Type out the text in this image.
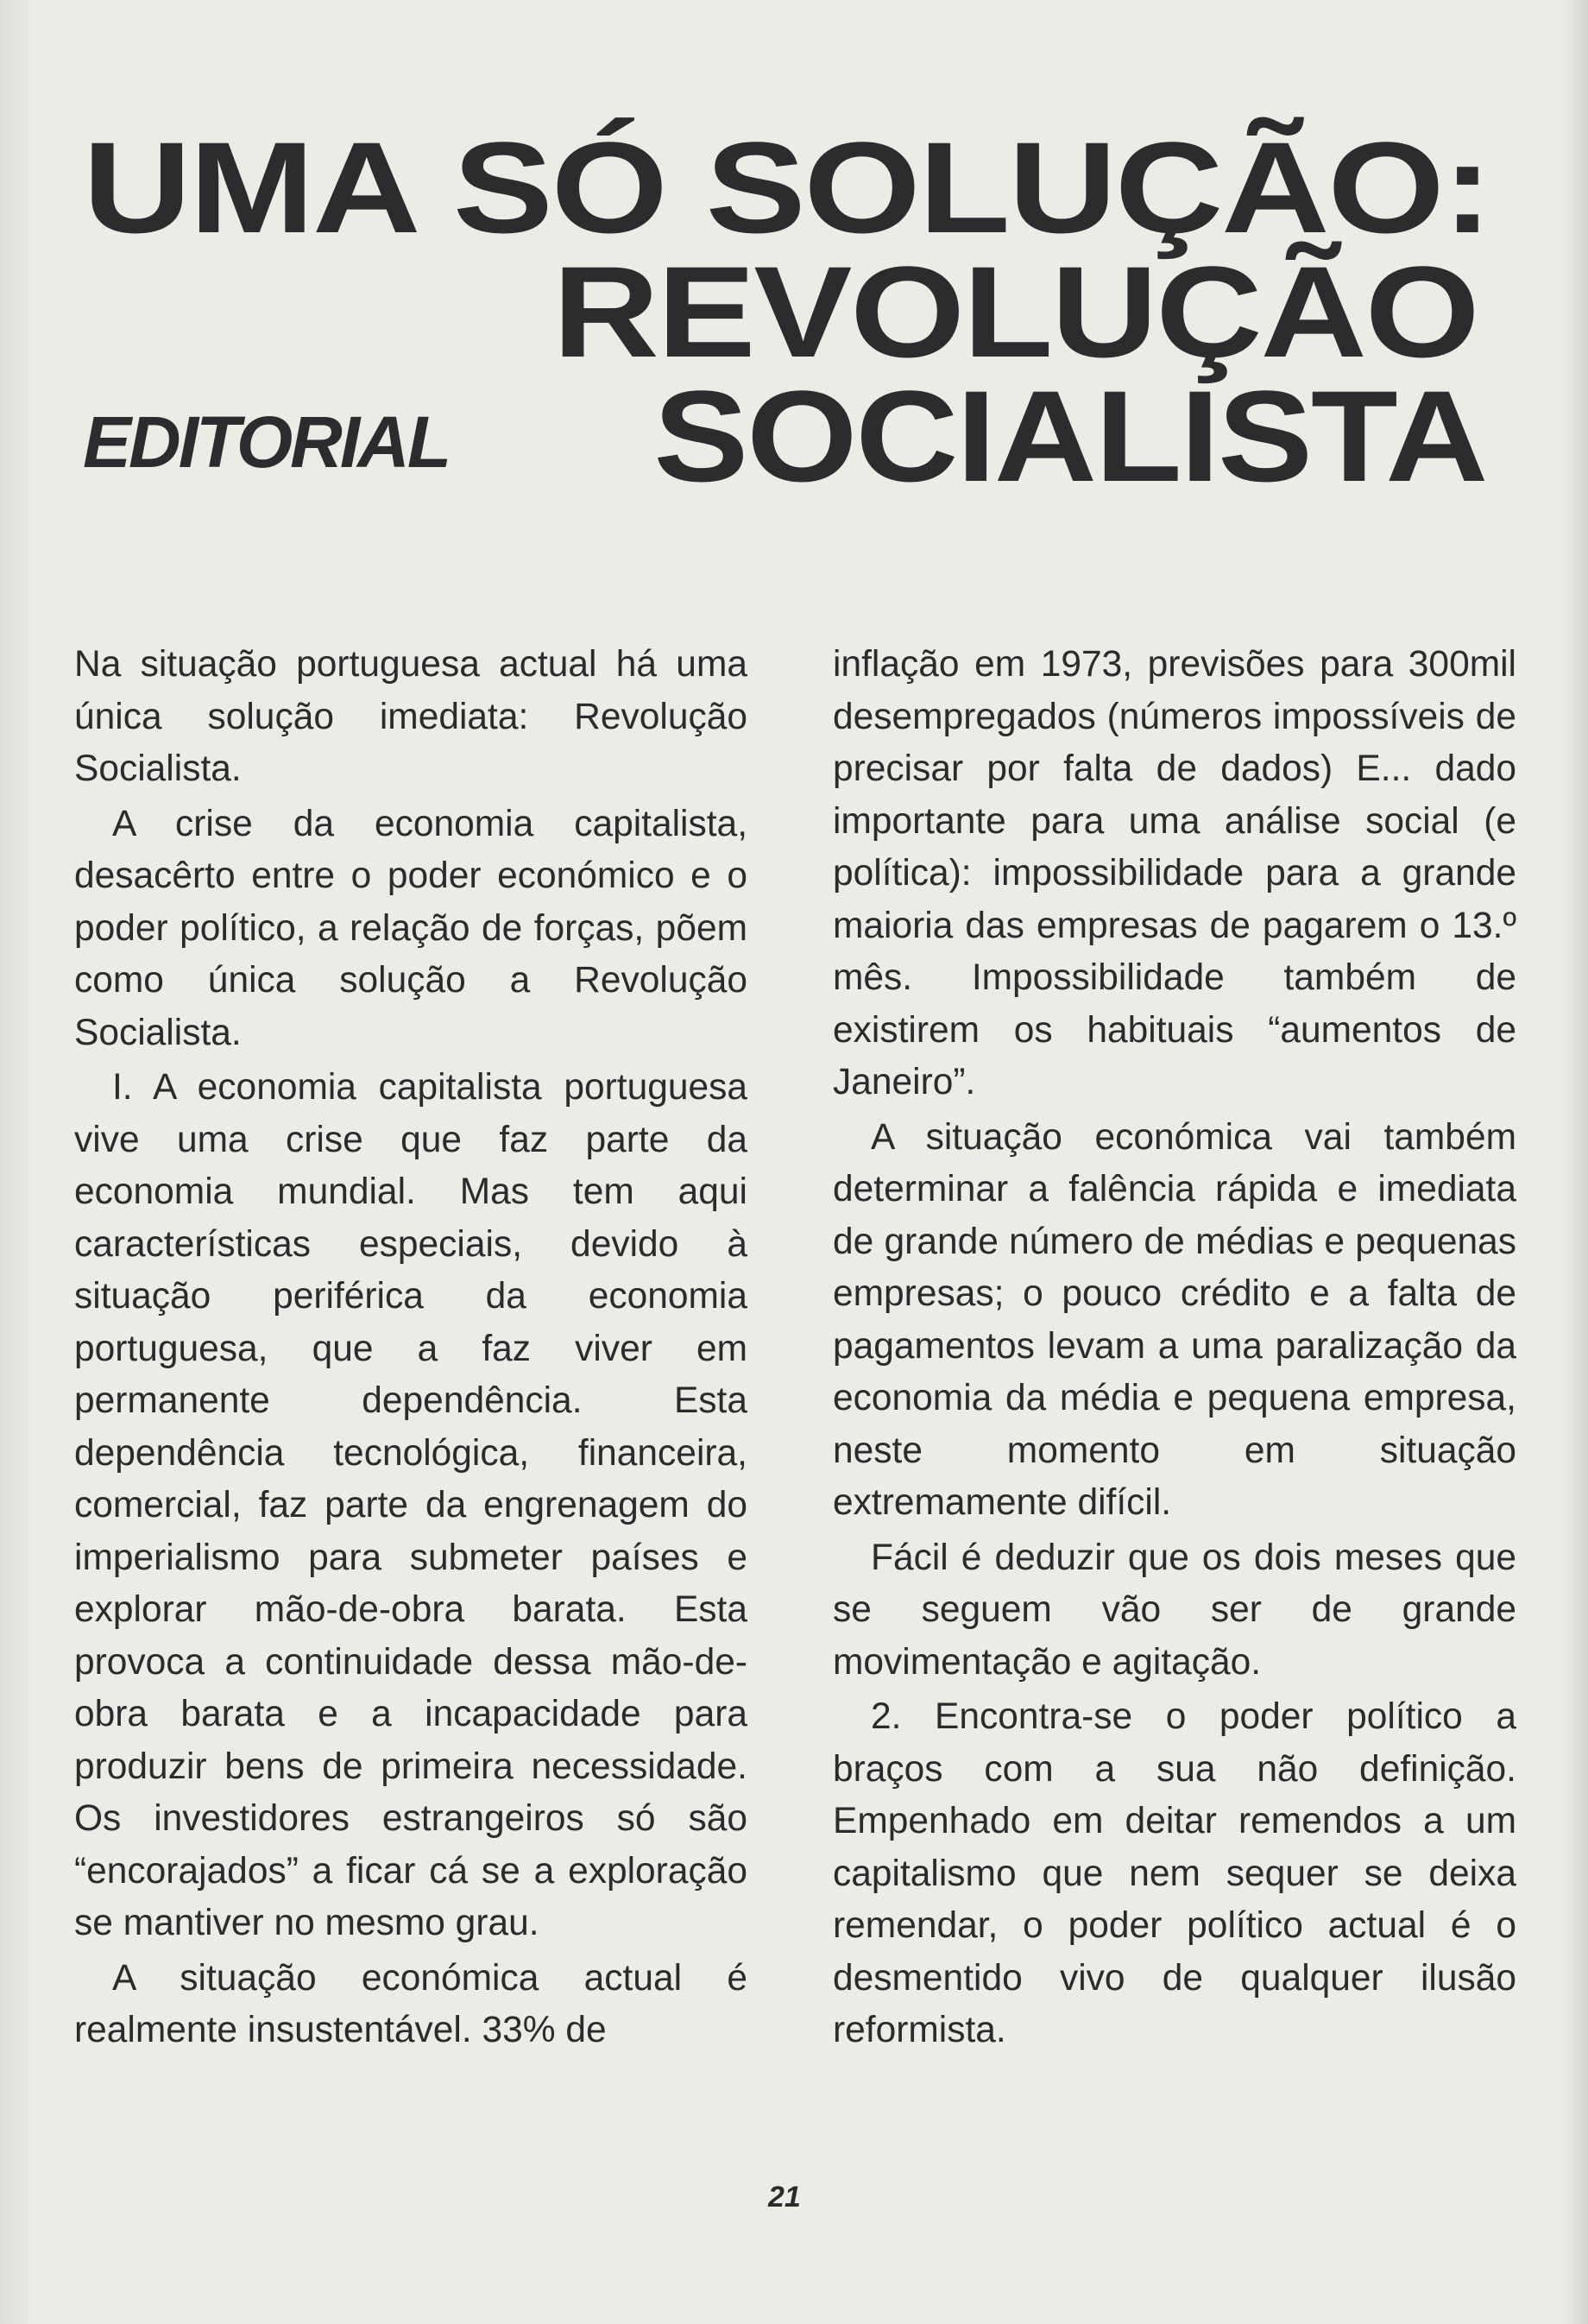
UMA SÓ SOLUÇÃO:
REVOLUÇÃO
EDITORIAL SOCIALISTA

Na situação portuguesa actual há uma única solução imediata: Revolução Socialista.

A crise da economia capitalista, desacêrto entre o poder económico e o poder político, a relação de forças, põem como única solução a Revolução Socialista.

I. A economia capitalista portuguesa vive uma crise que faz parte da economia mundial. Mas tem aqui características especiais, devido à situação periférica da economia portuguesa, que a faz viver em permanente dependência. Esta dependência tecnológica, financeira, comercial, faz parte da engrenagem do imperialismo para submeter países e explorar mão-de-obra barata. Esta provoca a continuidade dessa mão-de-obra barata e a incapacidade para produzir bens de primeira necessidade. Os investidores estrangeiros só são “encorajados” a ficar cá se a exploração se mantiver no mesmo grau.

A situação económica actual é realmente insustentável. 33% de

inflação em 1973, previsões para 300mil desempregados (números impossíveis de precisar por falta de dados) E... dado importante para uma análise social (e política): impossibilidade para a grande maioria das empresas de pagarem o 13.º mês. Impossibilidade também de existirem os habituais “aumentos de Janeiro”.

A situação económica vai também determinar a falência rápida e imediata de grande número de médias e pequenas empresas; o pouco crédito e a falta de pagamentos levam a uma paralização da economia da média e pequena empresa, neste momento em situação extremamente difícil.

Fácil é deduzir que os dois meses que se seguem vão ser de grande movimentação e agitação.

2. Encontra-se o poder político a braços com a sua não definição. Empenhado em deitar remendos a um capitalismo que nem sequer se deixa remendar, o poder político actual é o desmentido vivo de qualquer ilusão reformista.

21
